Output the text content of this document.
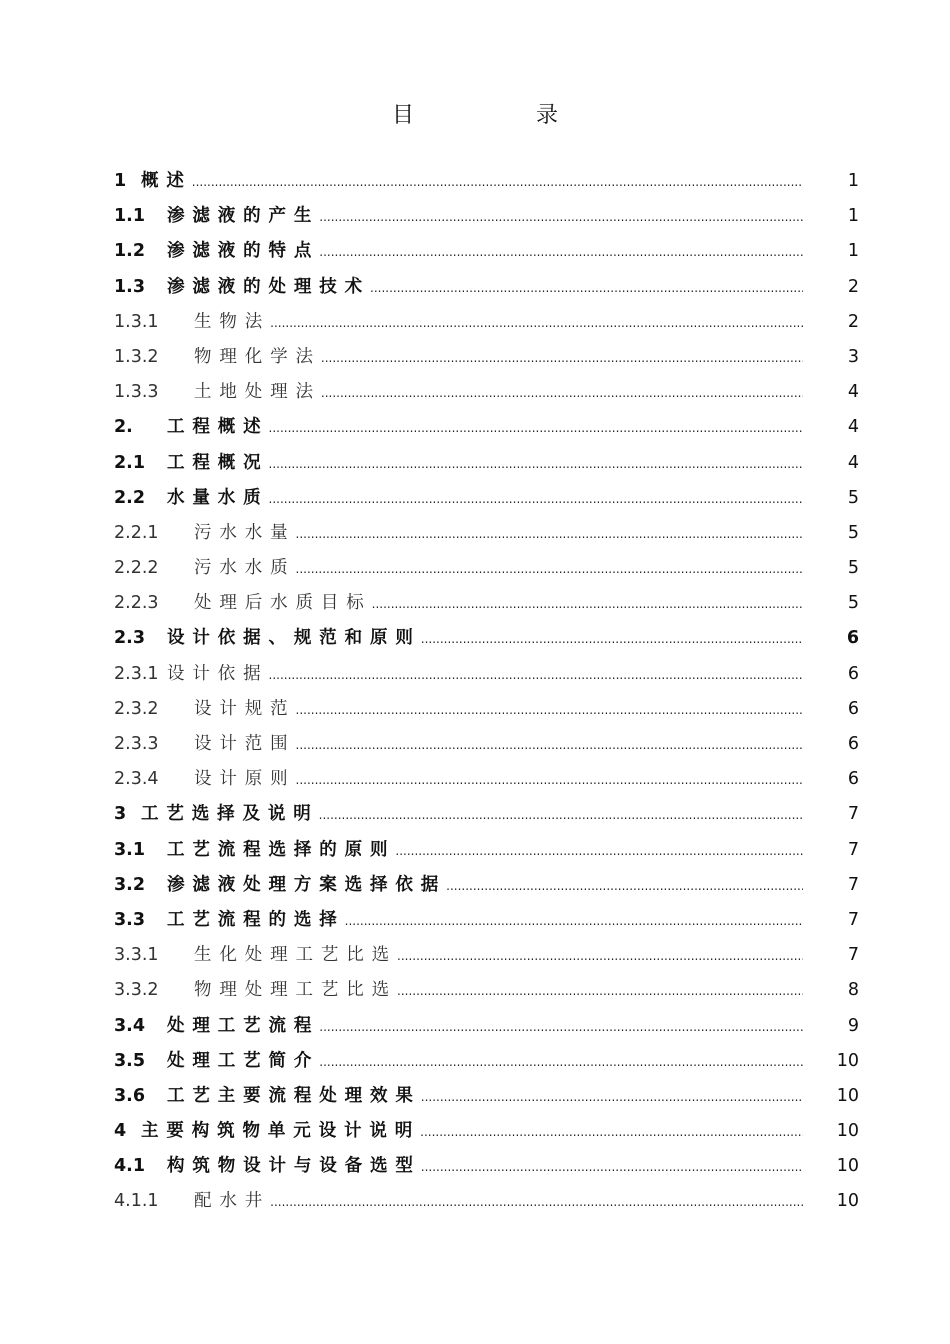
目	录
1 概述 .....	1
1.1	渗滤液的产生 .....	1
1.2	渗滤液的特点 .....	1
1.3	渗滤液的处理技术 .....	2
1.3.1	生物法 .....	2
1.3.2	物理化学法 .....	3
1.3.3	土地处理法 .....	4
2.	工程概述 .....	4
2.1	工程概况 .....	4
2.2	水量水质 .....	5
2.2.1	污水水量 .....	5
2.2.2	污水水质 .....	5
2.2.3	处理后水质目标 .....	5
2.3	设计依据、规范和原则 .....	6
2.3.1 设计依据 .....	6
2.3.2	设计规范 .....	6
2.3.3	设计范围 .....	6
2.3.4	设计原则 .....	6
3 工艺选择及说明 .....	7
3.1	工艺流程选择的原则 .....	7
3.2	渗滤液处理方案选择依据 .....	7
3.3	工艺流程的选择 .....	7
3.3.1	生化处理工艺比选 .....	7
3.3.2	物理处理工艺比选 .....	8
3.4	处理工艺流程 .....	9
3.5	处理工艺简介 .....	10
3.6	工艺主要流程处理效果 .....	10
4 主要构筑物单元设计说明 .....	10
4.1	构筑物设计与设备选型 .....	10
4.1.1	配水井 .....	10
